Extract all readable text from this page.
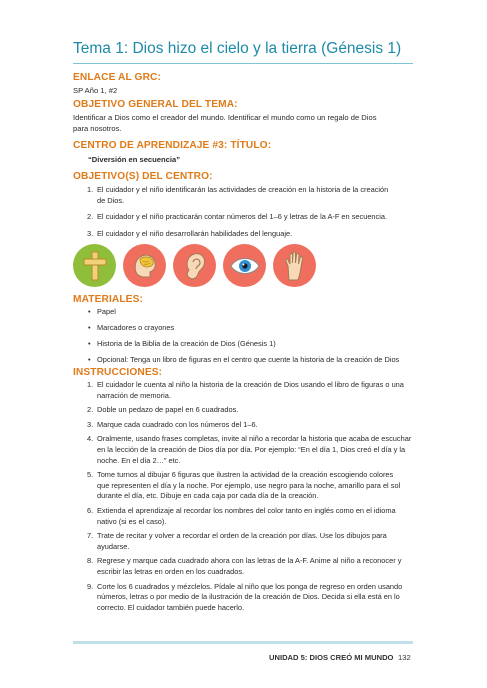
Tema 1: Dios hizo el cielo y la tierra (Génesis 1)
ENLACE AL GRC:
SP Año 1, #2
OBJETIVO GENERAL DEL TEMA:
Identificar a Dios como el creador del mundo. Identificar el mundo como un regalo de Dios
para nosotros.
CENTRO DE APRENDIZAJE #3: TÍTULO:
“Diversión en secuencia”
OBJETIVO(S) DEL CENTRO:
1. El cuidador y el niño identificarán las actividades de creación en la historia de la creación
de Dios.
2. El cuidador y el niño practicarán contar números del 1–6 y letras de la A-F en secuencia.
3. El cuidador y el niño desarrollarán habilidades del lenguaje.
MATERIALES:
• Papel
• Marcadores o crayones
• Historia de la Biblia de la creación de Dios (Génesis 1)
• Opcional: Tenga un libro de figuras en el centro que cuente la historia de la creación de Dios
INSTRUCCIONES:
1. El cuidador le cuenta al niño la historia de la creación de Dios usando el libro de figuras o una
narración de memoria.
2. Doble un pedazo de papel en 6 cuadrados.
3. Marque cada cuadrado con los números del 1–6.
4. Oralmente, usando frases completas, invite al niño a recordar la historia que acaba de escuchar
en la lección de la creación de Dios día por día. Por ejemplo: “En el día 1, Dios creó el día y la
noche. En el día 2…” etc.
5. Tome turnos al dibujar 6 figuras que ilustren la actividad de la creación escogiendo colores
que representen el día y la noche. Por ejemplo, use negro para la noche, amarillo para el sol
durante el día, etc. Dibuje en cada caja por cada día de la creación.
6. Extienda el aprendizaje al recordar los nombres del color tanto en inglés como en el idioma
nativo (si es el caso).
7. Trate de recitar y volver a recordar el orden de la creación por días. Use los dibujos para ayudarse.
8. Regrese y marque cada cuadrado ahora con las letras de la A-F. Anime al niño a reconocer y
escribir las letras en orden en los cuadrados.
9. Corte los 6 cuadrados y mézclelos. Pídale al niño que los ponga de regreso en orden usando
números, letras o por medio de la ilustración de la creación de Dios. Decida si ella está en lo
correcto. El cuidador también puede hacerlo.
UNIDAD 5: DIOS CREÓ MI MUNDO 132
